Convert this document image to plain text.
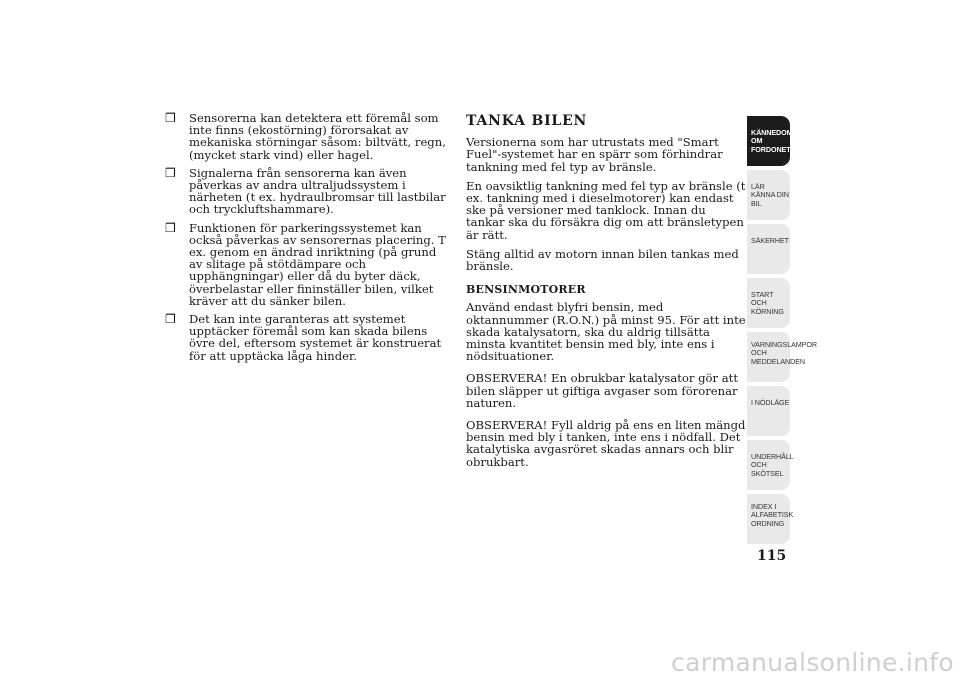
❒ Sensorerna kan detektera ett föremål som inte finns (ekostörning) förorsakat av mekaniska störningar såsom: biltvätt, regn, (mycket stark vind) eller hagel.
❒ Signalerna från sensorerna kan även påverkas av andra ultraljudssystem i närheten (t ex. hydraulbromsar till lastbilar och tryckluftshammare).
❒ Funktionen för parkeringssystemet kan också påverkas av sensorernas placering. T ex. genom en ändrad inriktning (på grund av slitage på stötdämpare och upphängningar) eller då du byter däck, överbelastar eller fininställer bilen, vilket kräver att du sänker bilen.
❒ Det kan inte garanteras att systemet upptäcker föremål som kan skada bilens övre del, eftersom systemet är konstruerat för att upptäcka låga hinder.
TANKA BILEN

Versionerna som har utrustats med "Smart Fuel"-systemet har en spärr som förhindrar tankning med fel typ av bränsle.

En oavsiktlig tankning med fel typ av bränsle (t ex. tankning med i dieselmotorer) kan endast ske på versioner med tanklock. Innan du tankar ska du försäkra dig om att bränsletypen är rätt.

Stäng alltid av motorn innan bilen tankas med bränsle.

BENSINMOTORER

Använd endast blyfri bensin, med oktannummer (R.O.N.) på minst 95. För att inte skada katalysatorn, ska du aldrig tillsätta minsta kvantitet bensin med bly, inte ens i nödsituationer.

OBSERVERA! En obrukbar katalysator gör att bilen släpper ut giftiga avgaser som förorenar naturen.

OBSERVERA! Fyll aldrig på ens en liten mängd bensin med bly i tanken, inte ens i nödfall. Det katalytiska avgasröret skadas annars och blir obrukbart.

KÄNNEDOM OM
FORDONET
LÄR KÄNNA DIN
BIL
SÄKERHET
START OCH
KÖRNING
VARNINGSLAMPOR
OCH
MEDDELANDEN
I NÖDLÄGE
UNDERHÅLL OCH
SKÖTSEL
INDEX I
ALFABETISK
ORDNING
115
carmanualsonline.info
